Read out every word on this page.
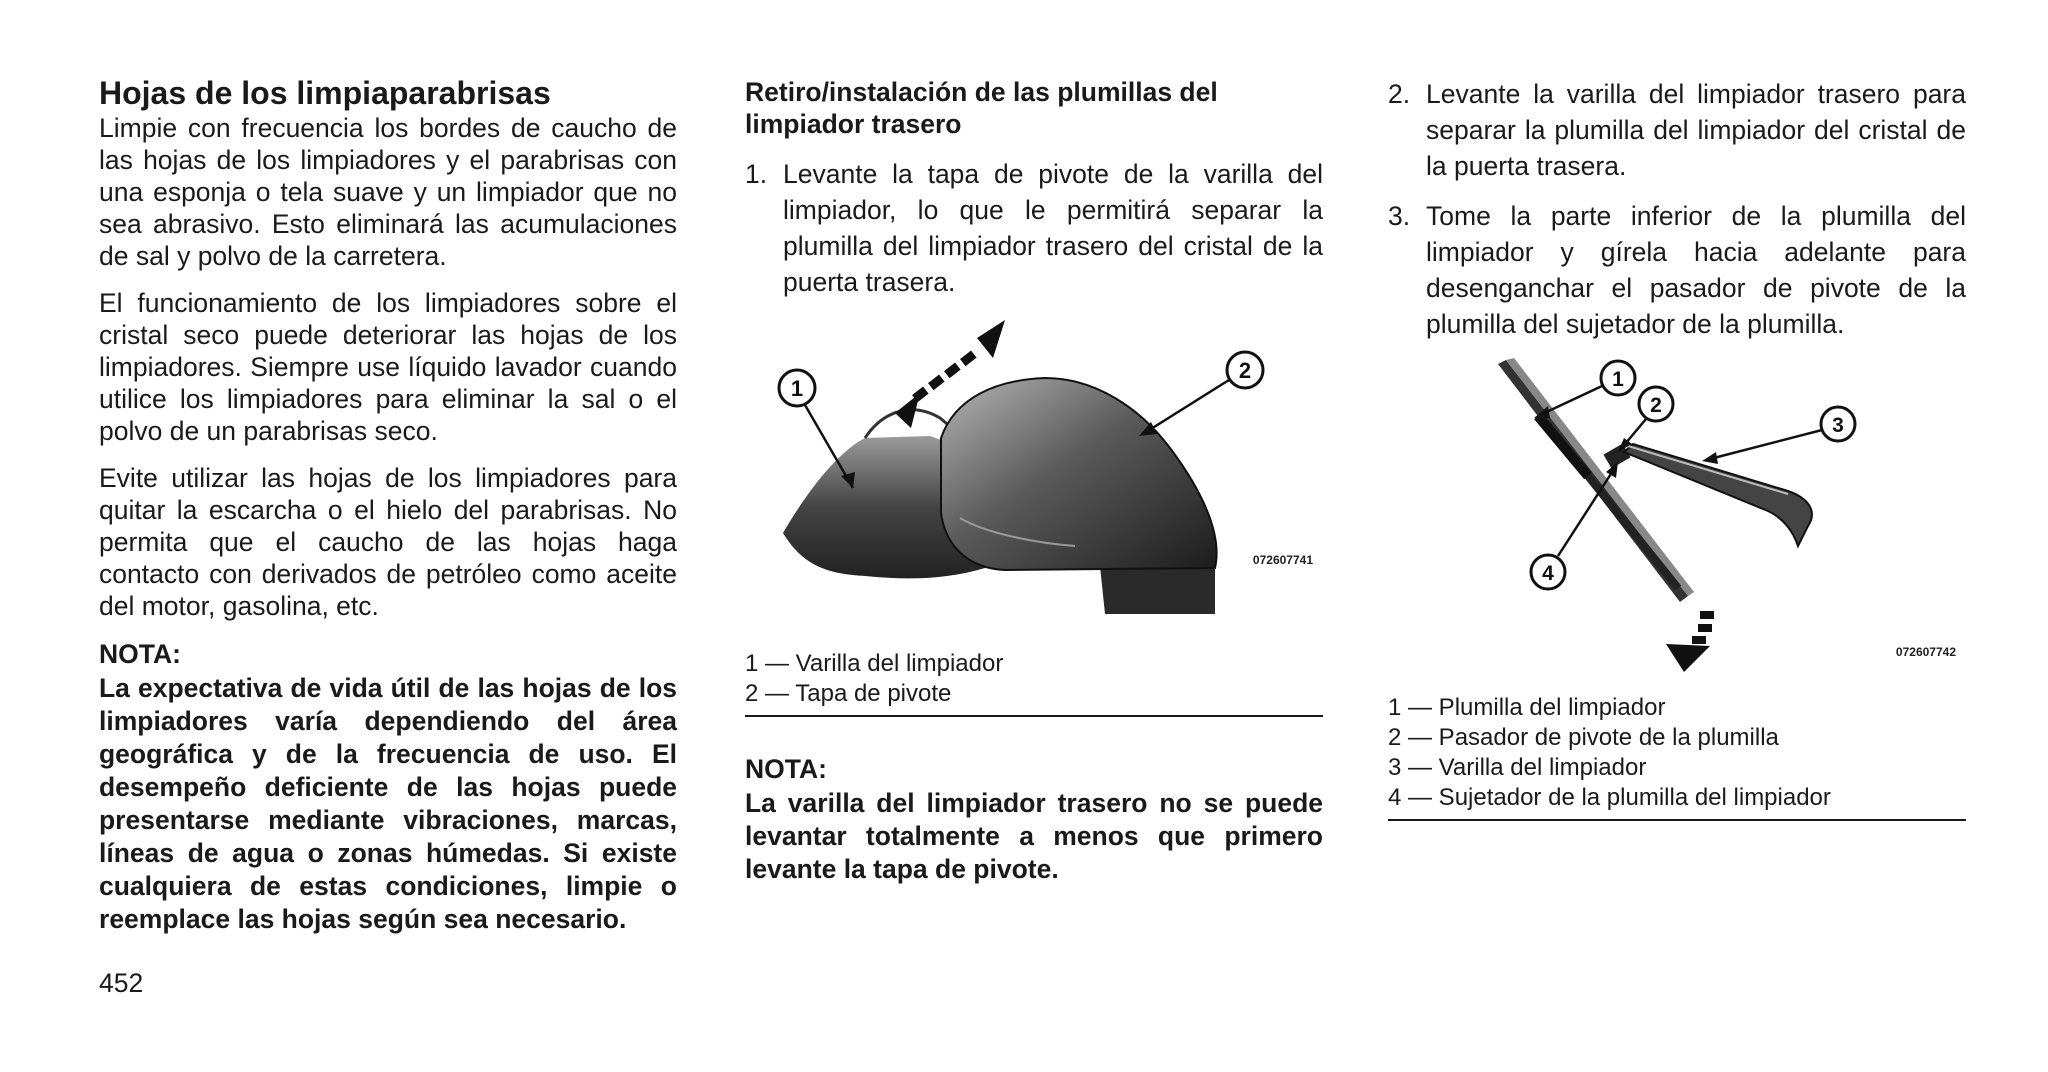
Hojas de los limpiaparabrisas

Limpie con frecuencia los bordes de caucho de las hojas de los limpiadores y el parabrisas con una esponja o tela suave y un limpiador que no sea abrasivo. Esto eliminará las acumulaciones de sal y polvo de la carretera.

El funcionamiento de los limpiadores sobre el cristal seco puede deteriorar las hojas de los limpiadores. Siempre use líquido lavador cuando utilice los limpiadores para eliminar la sal o el polvo de un parabrisas seco.

Evite utilizar las hojas de los limpiadores para quitar la escarcha o el hielo del parabrisas. No permita que el caucho de las hojas haga contacto con derivados de petróleo como aceite del motor, gasolina, etc.

NOTA:
La expectativa de vida útil de las hojas de los limpiadores varía dependiendo del área geográfica y de la frecuencia de uso. El desempeño deficiente de las hojas puede presentarse mediante vibraciones, marcas, líneas de agua o zonas húmedas. Si existe cualquiera de estas condiciones, limpie o reemplace las hojas según sea necesario.
Retiro/instalación de las plumillas del limpiador trasero
1. Levante la tapa de pivote de la varilla del limpiador, lo que le permitirá separar la plumilla del limpiador trasero del cristal de la puerta trasera.
1
2
072607741
1 — Varilla del limpiador
2 — Tapa de pivote
NOTA:
La varilla del limpiador trasero no se puede levantar totalmente a menos que primero levante la tapa de pivote.
2. Levante la varilla del limpiador trasero para separar la plumilla del limpiador del cristal de la puerta trasera.
3. Tome la parte inferior de la plumilla del limpiador y gírela hacia adelante para desenganchar el pasador de pivote de la plumilla del sujetador de la plumilla.
1
2
3
4
072607742
1 — Plumilla del limpiador
2 — Pasador de pivote de la plumilla
3 — Varilla del limpiador
4 — Sujetador de la plumilla del limpiador
452
